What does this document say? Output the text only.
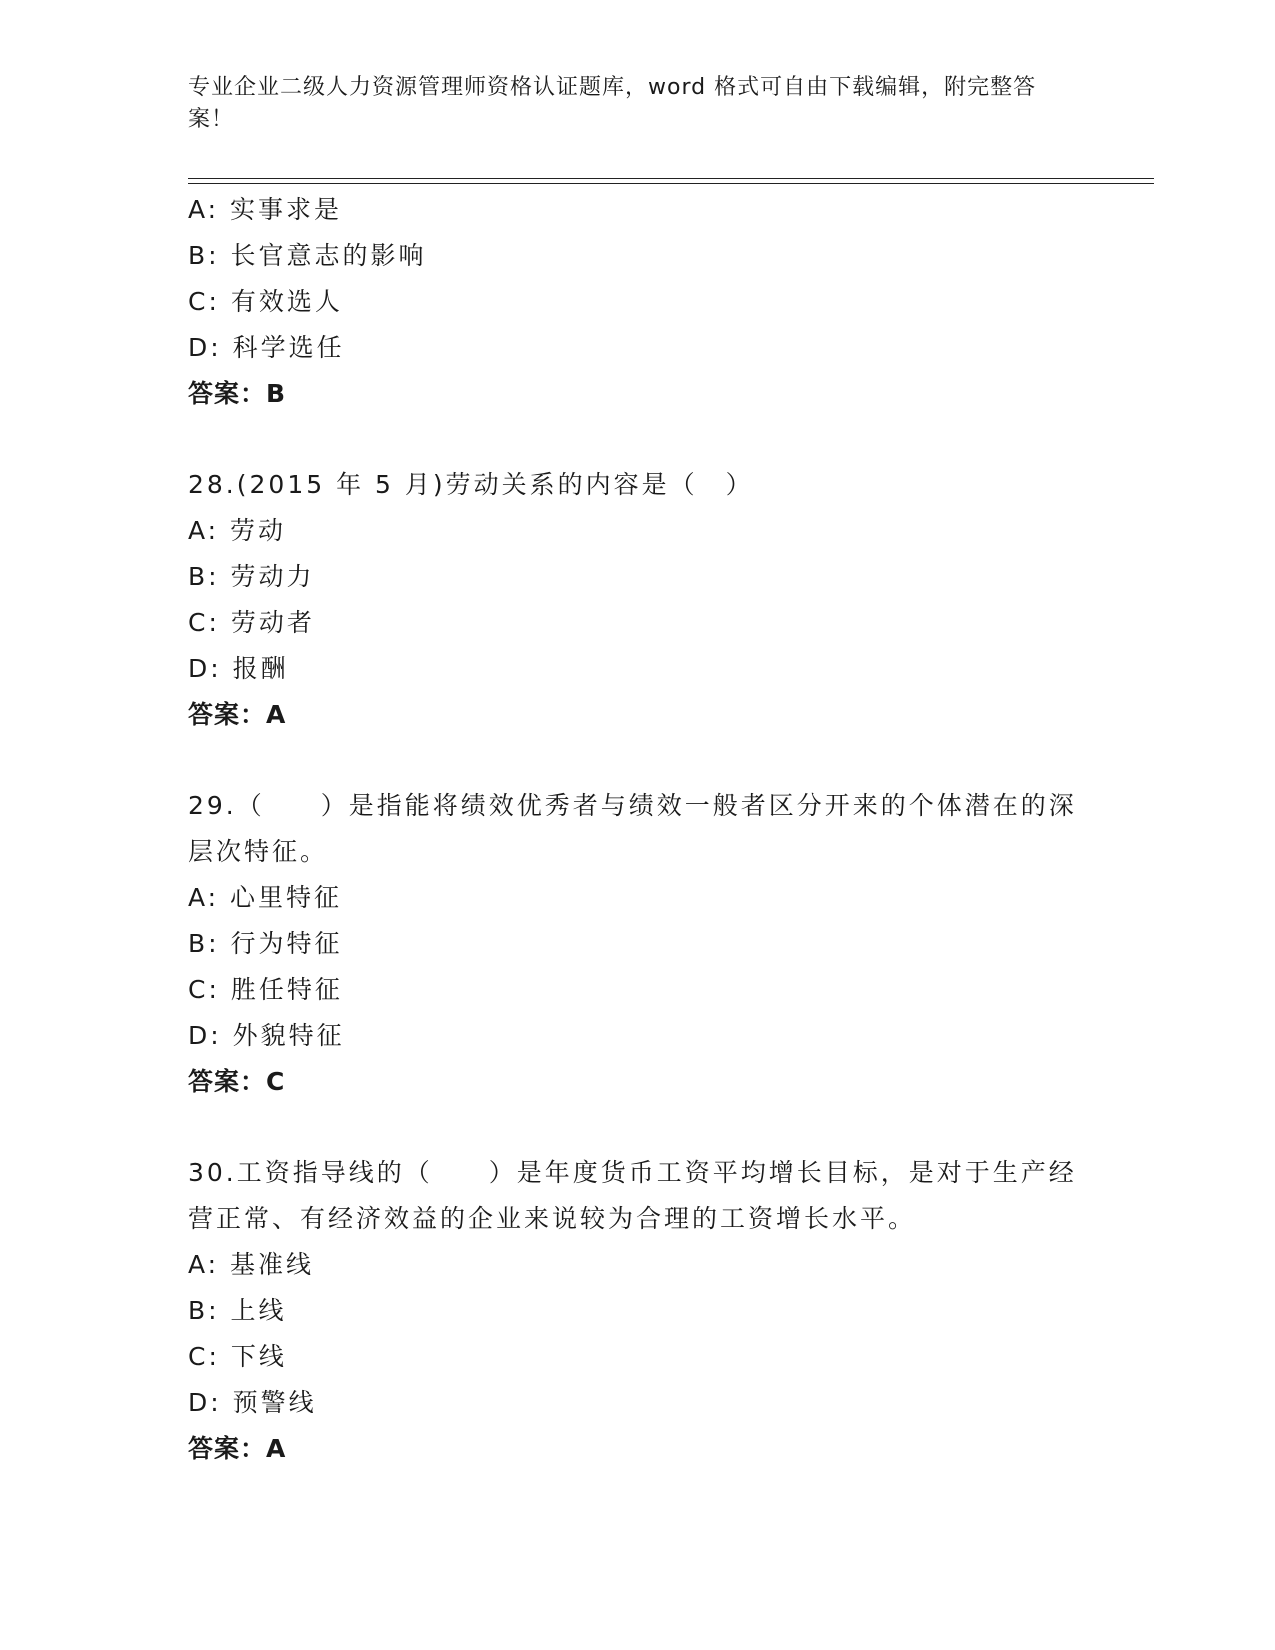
专业企业二级人力资源管理师资格认证题库，word 格式可自由下载编辑，附完整答案！
A: 实事求是
B: 长官意志的影响
C: 有效选人
D: 科学选任
答案：B
28.(2015 年 5 月)劳动关系的内容是（　）
A: 劳动
B: 劳动力
C: 劳动者
D: 报酬
答案：A
29.（　　）是指能将绩效优秀者与绩效一般者区分开来的个体潜在的深层次特征。
A: 心里特征
B: 行为特征
C: 胜任特征
D: 外貌特征
答案：C
30.工资指导线的（　　）是年度货币工资平均增长目标，是对于生产经营正常、有经济效益的企业来说较为合理的工资增长水平。
A: 基准线
B: 上线
C: 下线
D: 预警线
答案：A
